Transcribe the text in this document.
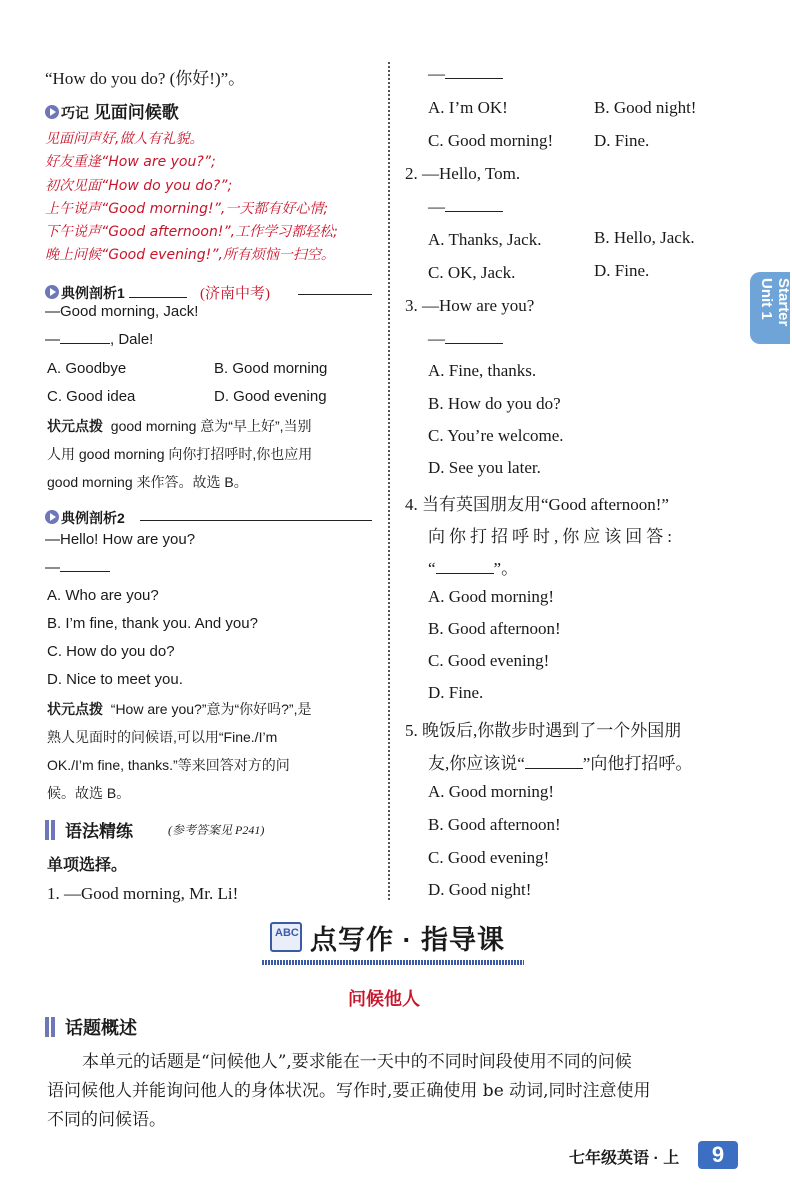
“How do you do? (你好!)”。
巧记 见面问候歌
见面问声好,做人有礼貌。
好友重逢“How are you?”;
初次见面“How do you do?”;
上午说声“Good morning!”,一天都有好心情;
下午说声“Good afternoon!”,工作学习都轻松;
晚上问候“Good evening!”,所有烦恼一扫空。
典例剖析1	(济南中考)
—Good morning, Jack!
—	, Dale!
A. Goodbye	B. Good morning
C. Good idea	D. Good evening
状元点拨 good morning 意为“早上好”,当别
人用 good morning 向你打招呼时,你也应用
good morning 来作答。故选 B。
典例剖析2
—Hello! How are you?
—
A. Who are you?
B. I’m fine, thank you. And you?
C. How do you do?
D. Nice to meet you.
状元点拨 “How are you?”意为“你好吗?”,是
熟人见面时的问候语,可以用“Fine./I’m
OK./I’m fine, thanks.”等来回答对方的问
候。故选 B。
语法精练	(参考答案见 P241)
单项选择。
1. —Good morning, Mr. Li!
—
A. I’m OK!	B. Good night!
C. Good morning! D. Fine.
2. —Hello, Tom.
—
A. Thanks, Jack.	B. Hello, Jack.
C. OK, Jack.	D. Fine.
3. —How are you?
—
A. Fine, thanks.
B. How do you do?
C. You’re welcome.
D. See you later.
4. 当有英国朋友用“Good afternoon!”
向你打招呼时,你应该回答:
“	”。
A. Good morning!
B. Good afternoon!
C. Good evening!
D. Fine.
5. 晚饭后,你散步时遇到了一个外国朋
友,你应该说“	”向他打招呼。
A. Good morning!
B. Good afternoon!
C. Good evening!
D. Good night!
Starter Unit 1
ABC 点写作 · 指导课
问候他人
话题概述
本单元的话题是“问候他人”,要求能在一天中的不同时间段使用不同的问候
语问候他人并能询问他人的身体状况。写作时,要正确使用 be 动词,同时注意使用
不同的问候语。
七年级英语 · 上	9
